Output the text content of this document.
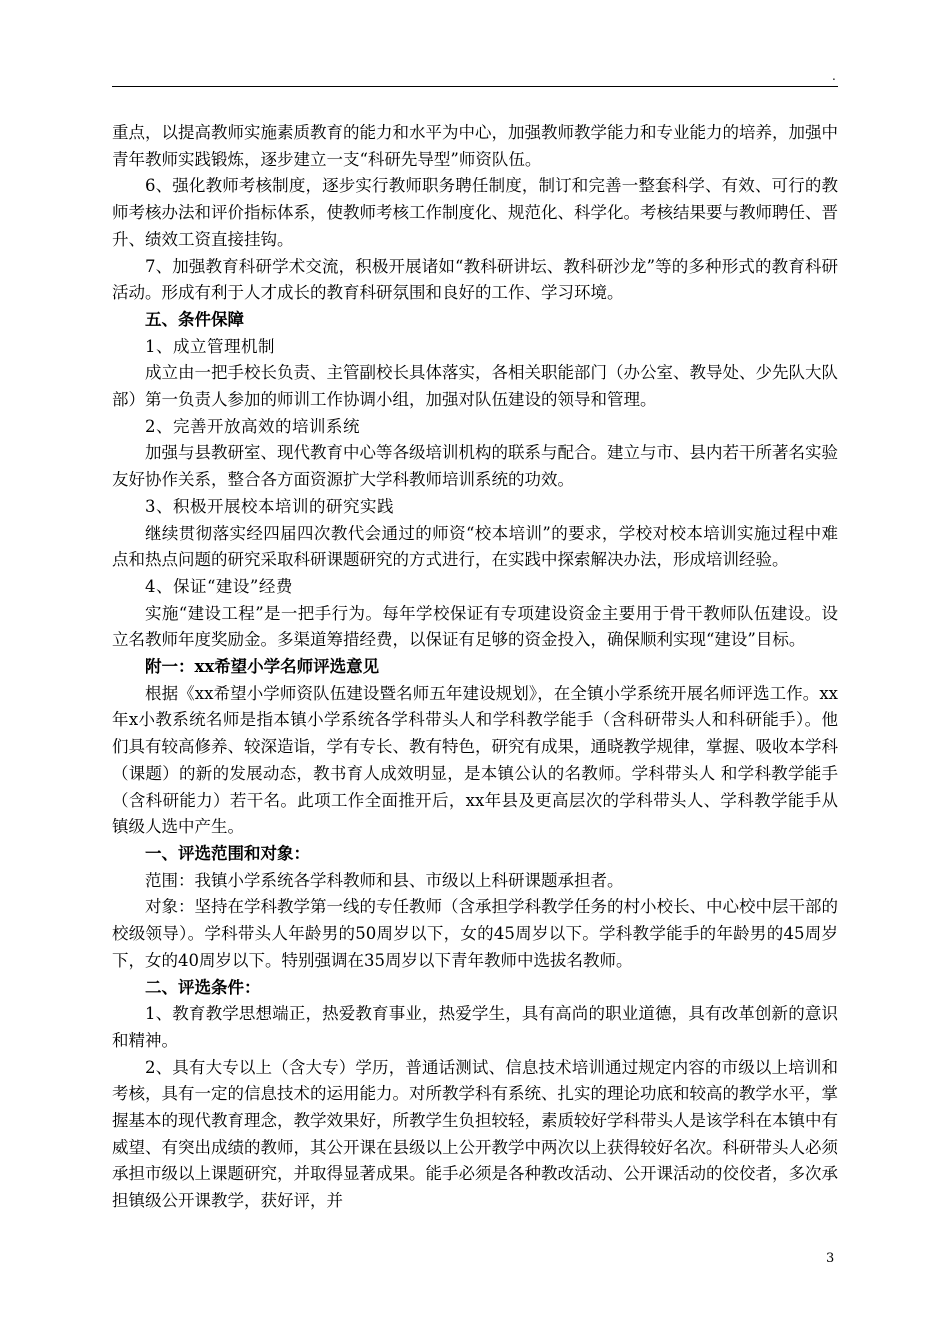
.

重点，以提高教师实施素质教育的能力和水平为中心，加强教师教学能力和专业能力的培养，加强中青年教师实践锻炼，逐步建立一支“科研先导型”师资队伍。

6、强化教师考核制度，逐步实行教师职务聘任制度，制订和完善一整套科学、有效、可行的教师考核办法和评价指标体系，使教师考核工作制度化、规范化、科学化。考核结果要与教师聘任、晋升、绩效工资直接挂钩。

7、加强教育科研学术交流，积极开展诸如“教科研讲坛、教科研沙龙”等的多种形式的教育科研活动。形成有利于人才成长的教育科研氛围和良好的工作、学习环境。

五、条件保障

1、成立管理机制

成立由一把手校长负责、主管副校长具体落实，各相关职能部门（办公室、教导处、少先队大队部）第一负责人参加的师训工作协调小组，加强对队伍建设的领导和管理。

2、完善开放高效的培训系统

加强与县教研室、现代教育中心等各级培训机构的联系与配合。建立与市、县内若干所著名实验友好协作关系，整合各方面资源扩大学科教师培训系统的功效。

3、积极开展校本培训的研究实践

继续贯彻落实经四届四次教代会通过的师资“校本培训”的要求，学校对校本培训实施过程中难点和热点问题的研究采取科研课题研究的方式进行，在实践中探索解决办法，形成培训经验。

4、保证“建设”经费

实施“建设工程”是一把手行为。每年学校保证有专项建设资金主要用于骨干教师队伍建设。设立名教师年度奖励金。多渠道筹措经费，以保证有足够的资金投入，确保顺利实现“建设”目标。

附一：xx希望小学名师评选意见

根据《xx希望小学师资队伍建设暨名师五年建设规划》，在全镇小学系统开展名师评选工作。xx年x小教系统名师是指本镇小学系统各学科带头人和学科教学能手（含科研带头人和科研能手）。他们具有较高修养、较深造诣，学有专长、教有特色，研究有成果，通晓教学规律，掌握、吸收本学科（课题）的新的发展动态，教书育人成效明显，是本镇公认的名教师。学科带头人 和学科教学能手（含科研能力）若干名。此项工作全面推开后，xx年县及更高层次的学科带头人、学科教学能手从镇级人选中产生。

一、评选范围和对象：

范围：我镇小学系统各学科教师和县、市级以上科研课题承担者。

对象：坚持在学科教学第一线的专任教师（含承担学科教学任务的村小校长、中心校中层干部的校级领导）。学科带头人年龄男的50周岁以下，女的45周岁以下。学科教学能手的年龄男的45周岁下，女的40周岁以下。特别强调在35周岁以下青年教师中选拔名教师。

二、评选条件：

1、教育教学思想端正，热爱教育事业，热爱学生，具有高尚的职业道德，具有改革创新的意识和精神。

2、具有大专以上（含大专）学历，普通话测试、信息技术培训通过规定内容的市级以上培训和考核，具有一定的信息技术的运用能力。对所教学科有系统、扎实的理论功底和较高的教学水平，掌握基本的现代教育理念，教学效果好，所教学生负担较轻，素质较好学科带头人是该学科在本镇中有威望、有突出成绩的教师，其公开课在县级以上公开教学中两次以上获得较好名次。科研带头人必须承担市级以上课题研究，并取得显著成果。能手必须是各种教改活动、公开课活动的佼佼者，多次承担镇级公开课教学，获好评，并

3
